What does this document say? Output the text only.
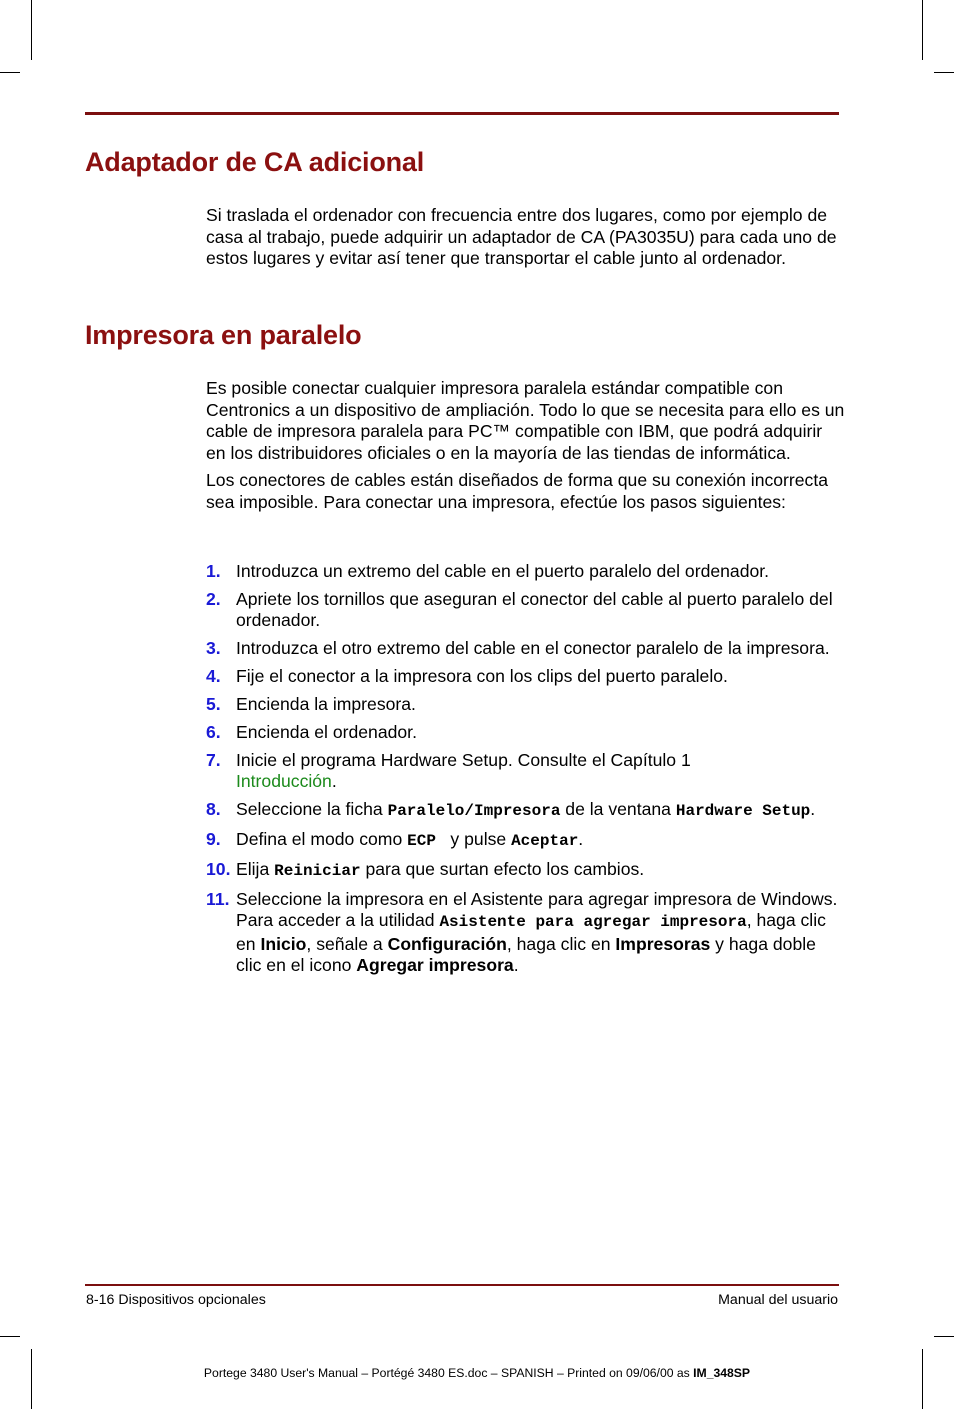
Adaptador de CA adicional

Si traslada el ordenador con frecuencia entre dos lugares, como por ejemplo de casa al trabajo, puede adquirir un adaptador de CA (PA3035U) para cada uno de estos lugares y evitar así tener que transportar el cable junto al ordenador.

Impresora en paralelo

Es posible conectar cualquier impresora paralela estándar compatible con Centronics a un dispositivo de ampliación. Todo lo que se necesita para ello es un cable de impresora paralela para PC™ compatible con IBM, que podrá adquirir en los distribuidores oficiales o en la mayoría de las tiendas de informática.

Los conectores de cables están diseñados de forma que su conexión incorrecta sea imposible. Para conectar una impresora, efectúe los pasos siguientes:

1. Introduzca un extremo del cable en el puerto paralelo del ordenador.
2. Apriete los tornillos que aseguran el conector del cable al puerto paralelo del ordenador.
3. Introduzca el otro extremo del cable en el conector paralelo de la impresora.
4. Fije el conector a la impresora con los clips del puerto paralelo.
5. Encienda la impresora.
6. Encienda el ordenador.
7. Inicie el programa Hardware Setup. Consulte el Capítulo 1
Introducción.
8. Seleccione la ficha Paralelo/Impresora de la ventana Hardware Setup.
9. Defina el modo como ECP  y pulse Aceptar.
10. Elija Reiniciar para que surtan efecto los cambios.
11. Seleccione la impresora en el Asistente para agregar impresora de Windows. Para acceder a la utilidad Asistente para agregar impresora, haga clic en Inicio, señale a Configuración, haga clic en Impresoras y haga doble clic en el icono Agregar impresora.
8-16 Dispositivos opcionales	Manual del usuario
Portege 3480 User's Manual – Portégé 3480 ES.doc – SPANISH – Printed on 09/06/00 as IM_348SP
